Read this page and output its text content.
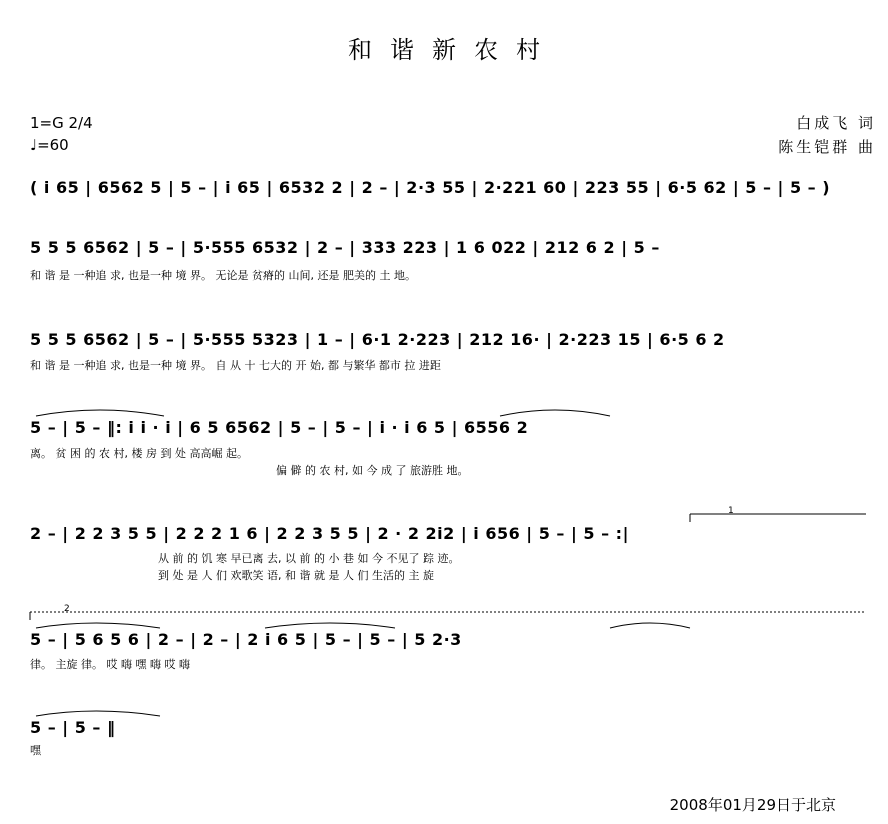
和谐新农村
1=G 2/4
♩=60
白成飞 词
陈生铠群 曲
( i 65 | 6562 5 | 5 – | i 65 | 6532 2 | 2 – | 2·3 55 | 2·221 60 | 223 55 | 6·5 62 | 5 – | 5 – )
5 5 5 6562 | 5 – | 5·555 6532 | 2 – | 333 223 | 1 6 022 | 212 6 2 | 5 –
和 谐 是 一种追 求, 也是一种 境 界。 无论是 贫瘠的 山间, 还是 肥美的 土 地。
5 5 5 6562 | 5 – | 5·555 5323 | 1 – | 6·1 2·223 | 212 16· | 2·223 15 | 6·5 6 2
和 谐 是 一种追 求, 也是一种 境 界。 自 从 十 七大的 开 始, 都 与繁华 都市 拉 进距
5 – | 5 – ‖: i i · i | 6 5 6562 | 5 – | 5 – | i · i 6 5 | 6556 2
离。 贫 困 的 农 村, 楼 房 到 处 高高崛 起。
偏 僻 的 农 村, 如 今 成 了 旅游胜 地。
2 – | 2 2 3 5 5 | 2 2 2 1 6 | 2 2 3 5 5 | 2 · 2 2i2 | i 656 | 5 – | 5 – :|
从 前 的 饥 寒 早已离 去, 以 前 的 小 巷 如 今 不见了 踪 迹。
到 处 是 人 们 欢歌笑 语, 和 谐 就 是 人 们 生活的 主 旋
5 – | 5 6 5 6 | 2 – | 2 – | 2 i 6 5 | 5 – | 5 – | 5 2·3
律。 主旋 律。 哎 嗨 嘿 嗨 哎 嗨
5 – | 5 – ‖
嘿
2008年01月29日于北京
1
2
